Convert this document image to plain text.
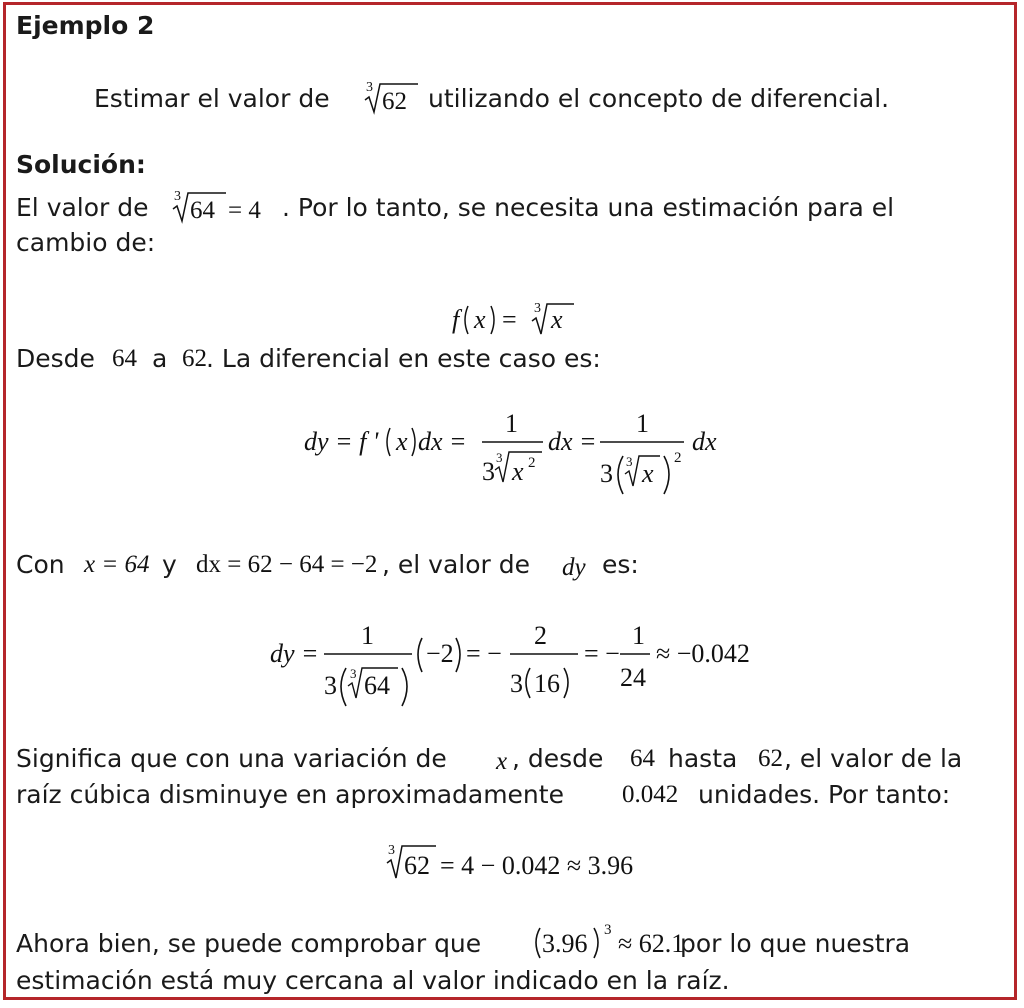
Ejemplo 2
Estimar el valor de	3
62 utilizando el concepto de diferencial.
Solución:
El valor de 3
64 = 4 . Por lo tanto, se necesita una estimación para el
cambio de:
f x = 3 x
Desde 64 a 62 . La diferencial en este caso es:
dy = f ' x dx =
1
3 3 x 2
dx =
1
3 3 x
2
dx
Con x = 64 y dx = 62 − 64 = −2 , el valor de dy es:
dy =
1
3 3 64
−2 = −
2
3 16
= −
1
24
≈ −0.042
Significa que con una variación de x , desde 64 hasta 62 , el valor de la
raíz cúbica disminuye en aproximadamente 0.042 unidades. Por tanto:
3
62 = 4 − 0.042 ≈ 3.96
Ahora bien, se puede comprobar que 3.96 3 ≈ 62.1
por lo que nuestra
estimación está muy cercana al valor indicado en la raíz.
